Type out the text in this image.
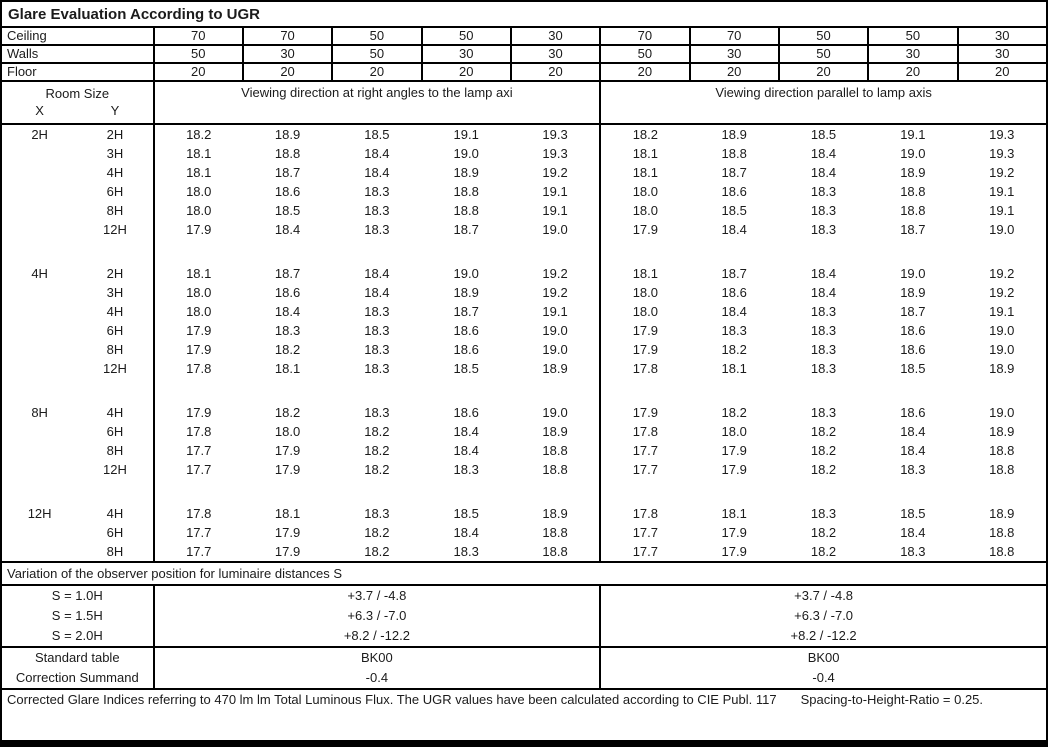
Glare Evaluation According to UGR											
Ceiling		70	70	50	50	30	70	70	50	50	30
Walls		50	30	50	30	30	50	30	50	30	30
Floor		20	20	20	20	20	20	20	20	20	20

Room Size
X Y		Viewing direction at right angles to the lamp axi					Viewing direction parallel to lamp axis				
2H	2H	18.2	18.9	18.5	19.1	19.3	18.2	18.9	18.5	19.1	19.3
	3H	18.1	18.8	18.4	19.0	19.3	18.1	18.8	18.4	19.0	19.3
	4H	18.1	18.7	18.4	18.9	19.2	18.1	18.7	18.4	18.9	19.2
	6H	18.0	18.6	18.3	18.8	19.1	18.0	18.6	18.3	18.8	19.1
	8H	18.0	18.5	18.3	18.8	19.1	18.0	18.5	18.3	18.8	19.1
	12H	17.9	18.4	18.3	18.7	19.0	17.9	18.4	18.3	18.7	19.0

4H	2H	18.1	18.7	18.4	19.0	19.2	18.1	18.7	18.4	19.0	19.2
	3H	18.0	18.6	18.4	18.9	19.2	18.0	18.6	18.4	18.9	19.2
	4H	18.0	18.4	18.3	18.7	19.1	18.0	18.4	18.3	18.7	19.1
	6H	17.9	18.3	18.3	18.6	19.0	17.9	18.3	18.3	18.6	19.0
	8H	17.9	18.2	18.3	18.6	19.0	17.9	18.2	18.3	18.6	19.0
	12H	17.8	18.1	18.3	18.5	18.9	17.8	18.1	18.3	18.5	18.9

8H	4H	17.9	18.2	18.3	18.6	19.0	17.9	18.2	18.3	18.6	19.0
	6H	17.8	18.0	18.2	18.4	18.9	17.8	18.0	18.2	18.4	18.9
	8H	17.7	17.9	18.2	18.4	18.8	17.7	17.9	18.2	18.4	18.8
	12H	17.7	17.9	18.2	18.3	18.8	17.7	17.9	18.2	18.3	18.8

12H	4H	17.8	18.1	18.3	18.5	18.9	17.8	18.1	18.3	18.5	18.9
	6H	17.7	17.9	18.2	18.4	18.8	17.7	17.9	18.2	18.4	18.8
	8H	17.7	17.9	18.2	18.3	18.8	17.7	17.9	18.2	18.3	18.8
Variation of the observer position for luminaire distances S											
S = 1.0H		+3.7 / -4.8					+3.7 / -4.8				
S = 1.5H		+6.3 / -7.0					+6.3 / -7.0				
S = 2.0H		+8.2 / -12.2					+8.2 / -12.2				
Standard table		BK00					BK00				
Correction Summand		-0.4					-0.4				
Corrected Glare Indices referring to 470 lm lm Total Luminous Flux. The UGR values have been calculated according to CIE Publ. 117 Spacing-to-Height-Ratio = 0.25.											
